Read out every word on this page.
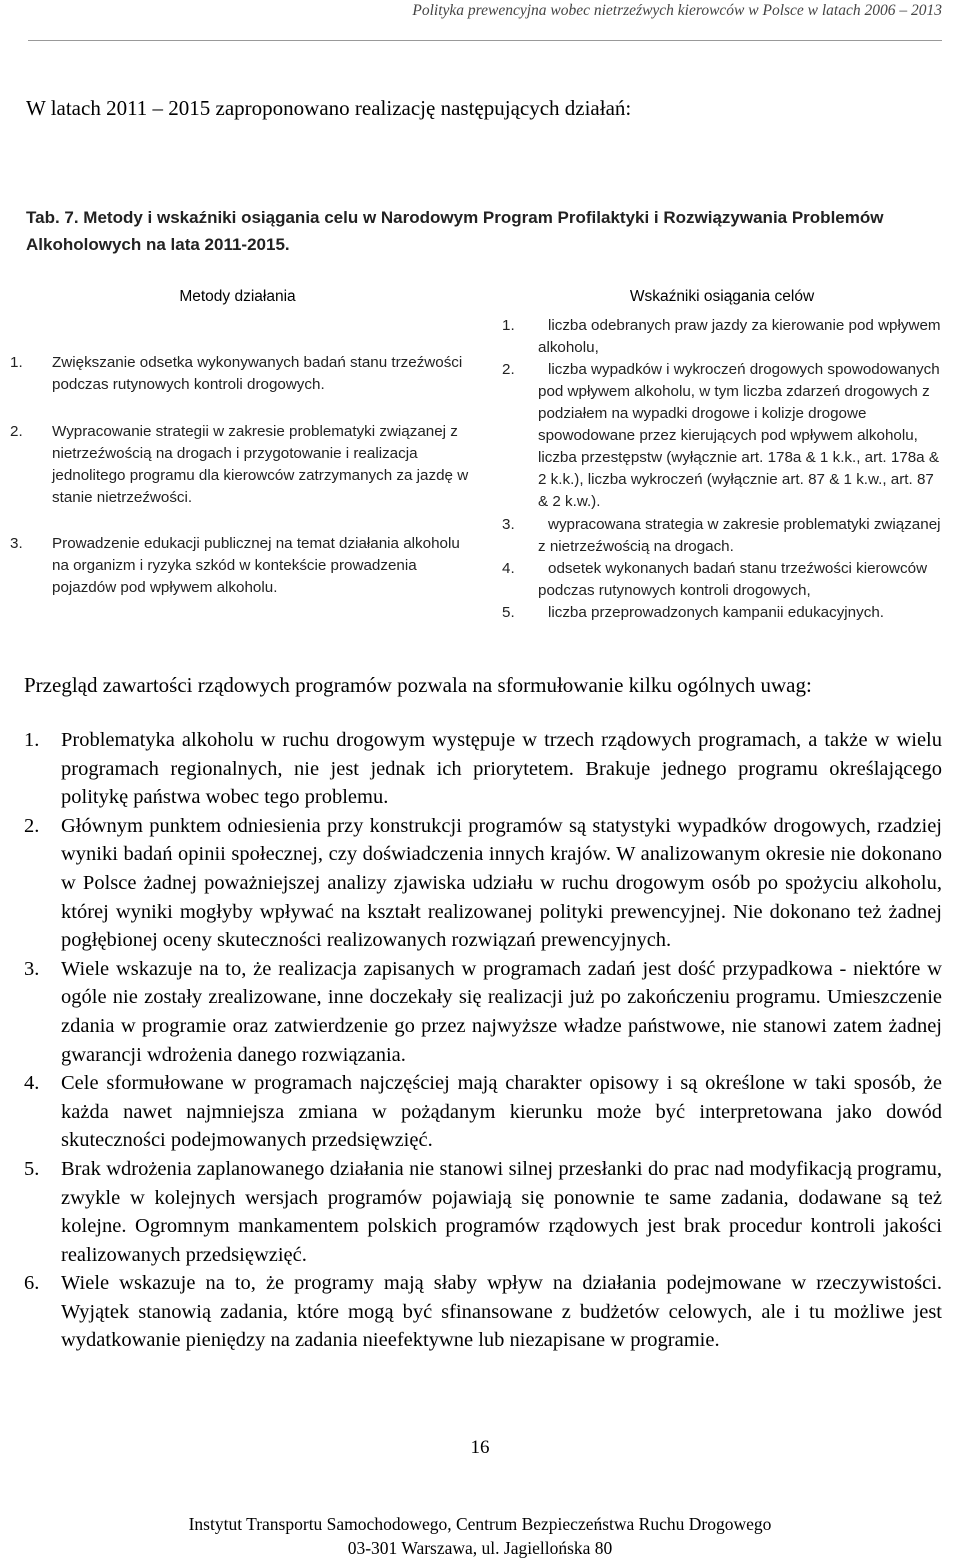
Polityka prewencyjna wobec nietrzeźwych kierowców w Polsce w latach 2006 – 2013
W latach 2011 – 2015 zaproponowano realizację następujących działań:
Tab. 7. Metody i wskaźniki osiągania celu w Narodowym Program Profilaktyki i Rozwiązywania Problemów Alkoholowych na lata 2011-2015.
Metody działania
1.	Zwiększanie odsetka wykonywanych badań stanu trzeźwości podczas rutynowych kontroli drogowych.
2.	Wypracowanie strategii w zakresie problematyki związanej z nietrzeźwością na drogach i przygotowanie i realizacja jednolitego programu dla kierowców zatrzymanych za jazdę w stanie nietrzeźwości.
3.	Prowadzenie edukacji publicznej na temat działania alkoholu na organizm i ryzyka szkód w kontekście prowadzenia pojazdów pod wpływem alkoholu.
Wskaźniki osiągania celów
1.	liczba odebranych praw jazdy za kierowanie pod wpływem alkoholu,
2.	liczba wypadków i wykroczeń drogowych spowodowanych pod wpływem alkoholu, w tym liczba zdarzeń drogowych z podziałem na wypadki drogowe i kolizje drogowe spowodowane przez kierujących pod wpływem alkoholu, liczba przestępstw (wyłącznie art. 178a & 1 k.k., art. 178a & 2 k.k.), liczba wykroczeń (wyłącznie art. 87 & 1 k.w., art. 87 & 2 k.w.).
3.	wypracowana strategia w zakresie problematyki związanej z nietrzeźwością na drogach.
4.	odsetek wykonanych badań stanu trzeźwości kierowców podczas rutynowych kontroli drogowych,
5.	liczba przeprowadzonych kampanii edukacyjnych.
Przegląd zawartości rządowych programów pozwala na sformułowanie kilku ogólnych uwag:
1. Problematyka alkoholu w ruchu drogowym występuje w trzech rządowych programach, a także w wielu programach regionalnych, nie jest jednak ich priorytetem. Brakuje jednego programu określającego politykę państwa wobec tego problemu.
2. Głównym punktem odniesienia przy konstrukcji programów są statystyki wypadków drogowych, rzadziej wyniki badań opinii społecznej, czy doświadczenia innych krajów. W analizowanym okresie nie dokonano w Polsce żadnej poważniejszej analizy zjawiska udziału w ruchu drogowym osób po spożyciu alkoholu, której wyniki mogłyby wpływać na kształt realizowanej polityki prewencyjnej. Nie dokonano też żadnej pogłębionej oceny skuteczności realizowanych rozwiązań prewencyjnych.
3. Wiele wskazuje na to, że realizacja zapisanych w programach zadań jest dość przypadkowa - niektóre w ogóle nie zostały zrealizowane, inne doczekały się realizacji już po zakończeniu programu. Umieszczenie zdania w programie oraz zatwierdzenie go przez najwyższe władze państwowe, nie stanowi zatem żadnej gwarancji wdrożenia danego rozwiązania.
4. Cele sformułowane w programach najczęściej mają charakter opisowy i są określone w taki sposób, że każda nawet najmniejsza zmiana w pożądanym kierunku może być interpretowana jako dowód skuteczności podejmowanych przedsięwzięć.
5. Brak wdrożenia zaplanowanego działania nie stanowi silnej przesłanki do prac nad modyfikacją programu, zwykle w kolejnych wersjach programów pojawiają się ponownie te same zadania, dodawane są też kolejne. Ogromnym mankamentem polskich programów rządowych jest brak procedur kontroli jakości realizowanych przedsięwzięć.
6. Wiele wskazuje na to, że programy mają słaby wpływ na działania podejmowane w rzeczywistości. Wyjątek stanowią zadania, które mogą być sfinansowane z budżetów celowych, ale i tu możliwe jest wydatkowanie pieniędzy na zadania nieefektywne lub niezapisane w programie.
16
Instytut Transportu Samochodowego, Centrum Bezpieczeństwa Ruchu Drogowego
03-301 Warszawa, ul. Jagiellońska 80
